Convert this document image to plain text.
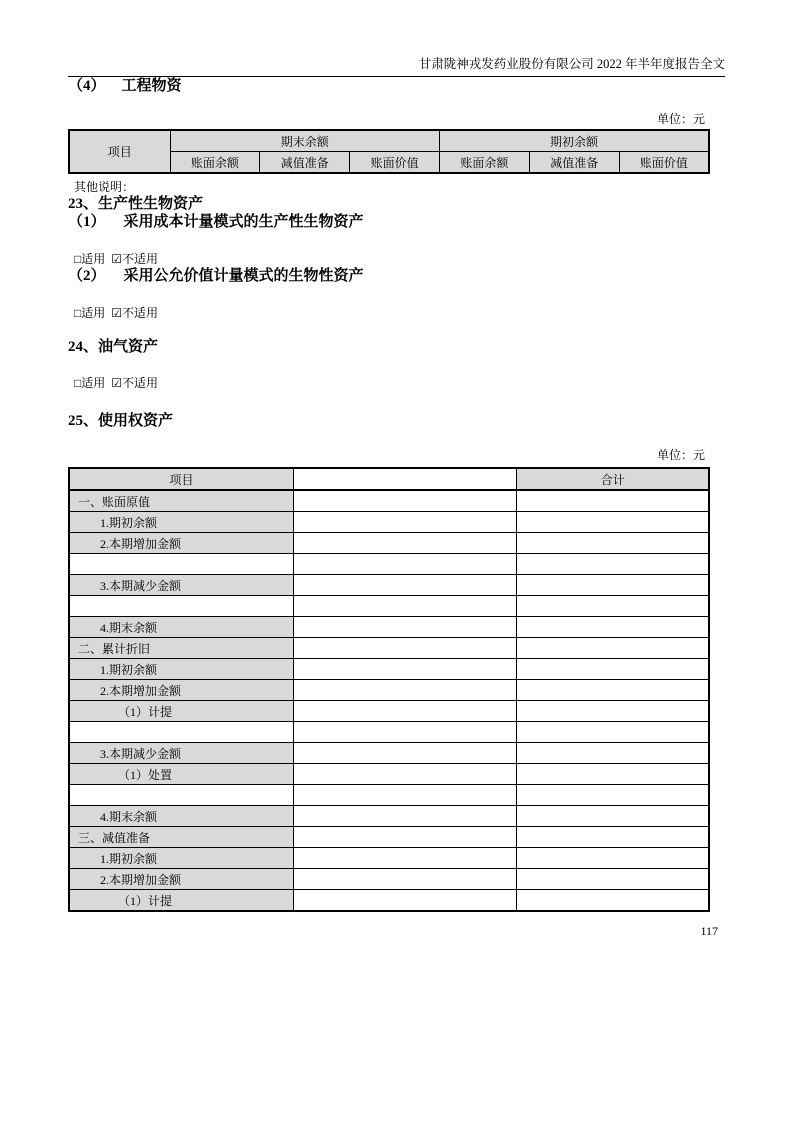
甘肃陇神戎发药业股份有限公司 2022 年半年度报告全文
（4） 工程物资
单位：元
项目	期末余额			期初余额		
	账面余额	减值准备	账面价值	账面余额	减值准备	账面价值
其他说明：
23、生产性生物资产
（1） 采用成本计量模式的生产性生物资产
□适用 ☑不适用
（2） 采用公允价值计量模式的生物性资产
□适用 ☑不适用
24、油气资产
□适用 ☑不适用
25、使用权资产
单位：元
项目		合计
一、账面原值		
1.期初余额		
2.本期增加金额		

3.本期减少金额		

4.期末余额		
二、累计折旧		
1.期初余额		
2.本期增加金额		
（1）计提		

3.本期减少金额		
（1）处置		

4.期末余额		
三、减值准备		
1.期初余额		
2.本期增加金额		
（1）计提		
117
